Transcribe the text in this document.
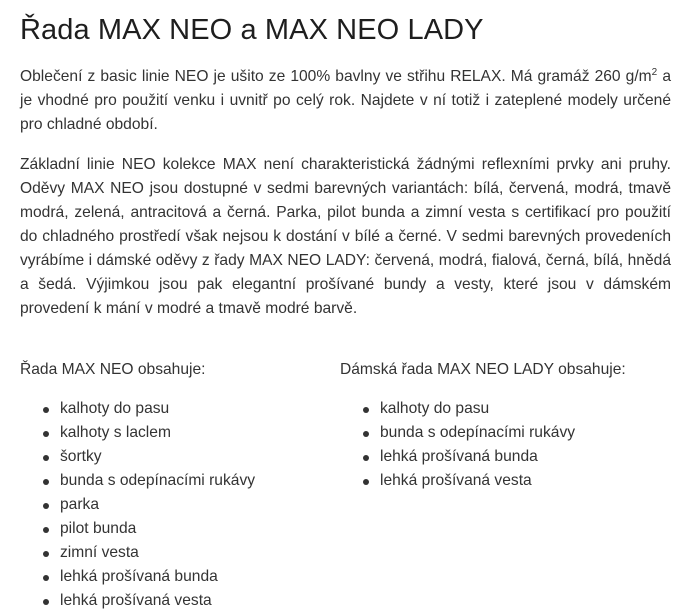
Řada MAX NEO a MAX NEO LADY

Oblečení z basic linie NEO je ušito ze 100% bavlny ve střihu RELAX. Má gramáž 260 $g/m^2$ a je vhodné pro použití venku i uvnitř po celý rok. Najdete v ní totiž i zateplené modely určené pro chladné období.

Základní linie NEO kolekce MAX není charakteristická žádnými reflexními prvky ani pruhy. Oděvy MAX NEO jsou dostupné v sedmi barevných variantách: bílá, červená, modrá, tmavě modrá, zelená, antracitová a černá. Parka, pilot bunda a zimní vesta s certifikací pro použití do chladného prostředí však nejsou k dostání v bílé a černé. V sedmi barevných provedeních vyrábíme i dámské oděvy z řady MAX NEO LADY: červená, modrá, fialová, černá, bílá, hnědá a šedá. Výjimkou jsou pak elegantní prošívané bundy a vesty, které jsou v dámském provedení k mání v modré a tmavě modré barvě.

Řada MAX NEO obsahuje:
kalhoty do pasu
kalhoty s laclem
šortky
bunda s odepínacími rukávy
parka
pilot bunda
zimní vesta
lehká prošívaná bunda
lehká prošívaná vesta
Dámská řada MAX NEO LADY obsahuje:
kalhoty do pasu
bunda s odepínacími rukávy
lehká prošívaná bunda
lehká prošívaná vesta
